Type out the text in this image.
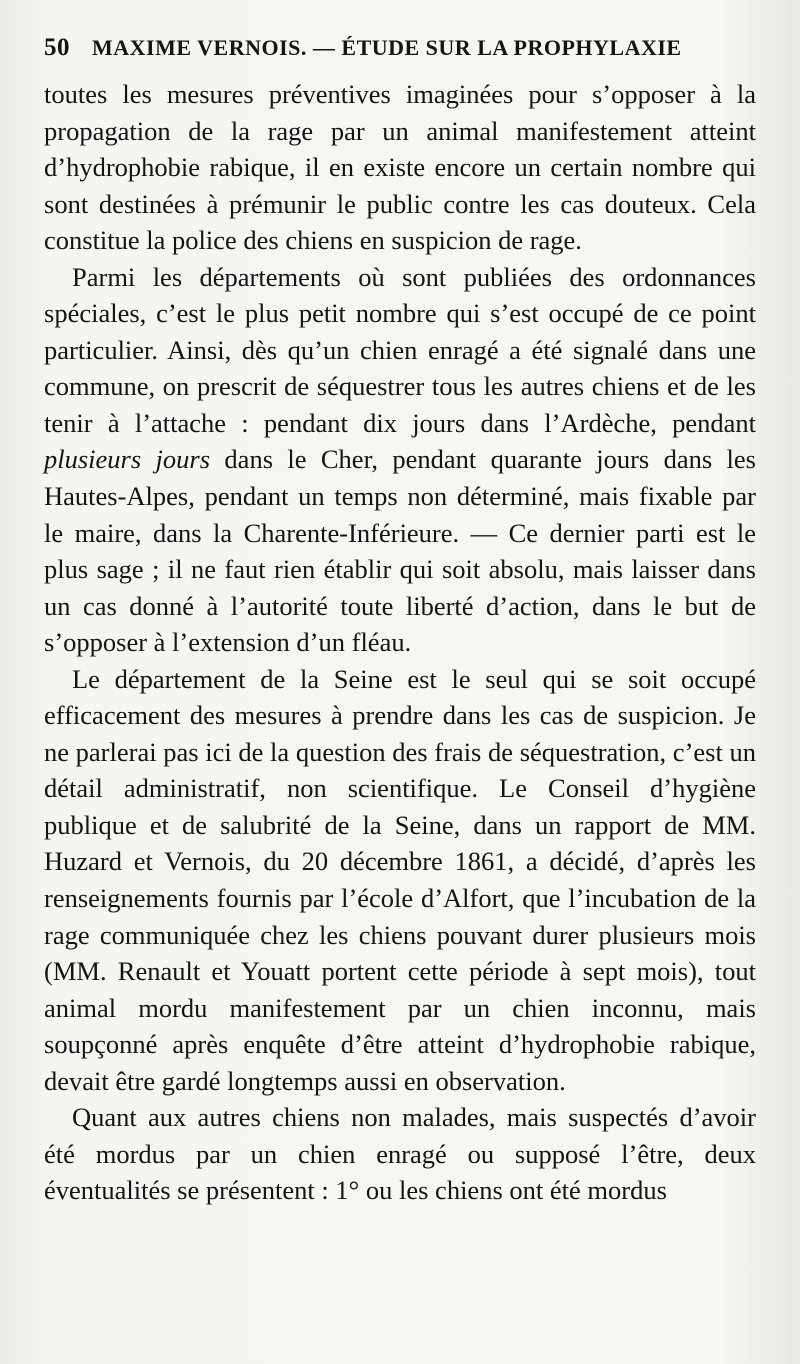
50 MAXIME VERNOIS. — ÉTUDE SUR LA PROPHYLAXIE

toutes les mesures préventives imaginées pour s’opposer à la propagation de la rage par un animal manifestement atteint d’hydrophobie rabique, il en existe encore un certain nombre qui sont destinées à prémunir le public contre les cas douteux. Cela constitue la police des chiens en suspicion de rage.

Parmi les départements où sont publiées des ordonnances spéciales, c’est le plus petit nombre qui s’est occupé de ce point particulier. Ainsi, dès qu’un chien enragé a été signalé dans une commune, on prescrit de séquestrer tous les autres chiens et de les tenir à l’attache : pendant dix jours dans l’Ardèche, pendant plusieurs jours dans le Cher, pendant quarante jours dans les Hautes-Alpes, pendant un temps non déterminé, mais fixable par le maire, dans la Charente-Inférieure. — Ce dernier parti est le plus sage ; il ne faut rien établir qui soit absolu, mais laisser dans un cas donné à l’autorité toute liberté d’action, dans le but de s’opposer à l’extension d’un fléau.

Le département de la Seine est le seul qui se soit occupé efficacement des mesures à prendre dans les cas de suspicion. Je ne parlerai pas ici de la question des frais de séquestration, c’est un détail administratif, non scientifique. Le Conseil d’hygiène publique et de salubrité de la Seine, dans un rapport de MM. Huzard et Vernois, du 20 décembre 1861, a décidé, d’après les renseignements fournis par l’école d’Alfort, que l’incubation de la rage communiquée chez les chiens pouvant durer plusieurs mois (MM. Renault et Youatt portent cette période à sept mois), tout animal mordu manifestement par un chien inconnu, mais soupçonné après enquête d’être atteint d’hydrophobie rabique, devait être gardé longtemps aussi en observation.

Quant aux autres chiens non malades, mais suspectés d’avoir été mordus par un chien enragé ou supposé l’être, deux éventualités se présentent : 1° ou les chiens ont été mordus
